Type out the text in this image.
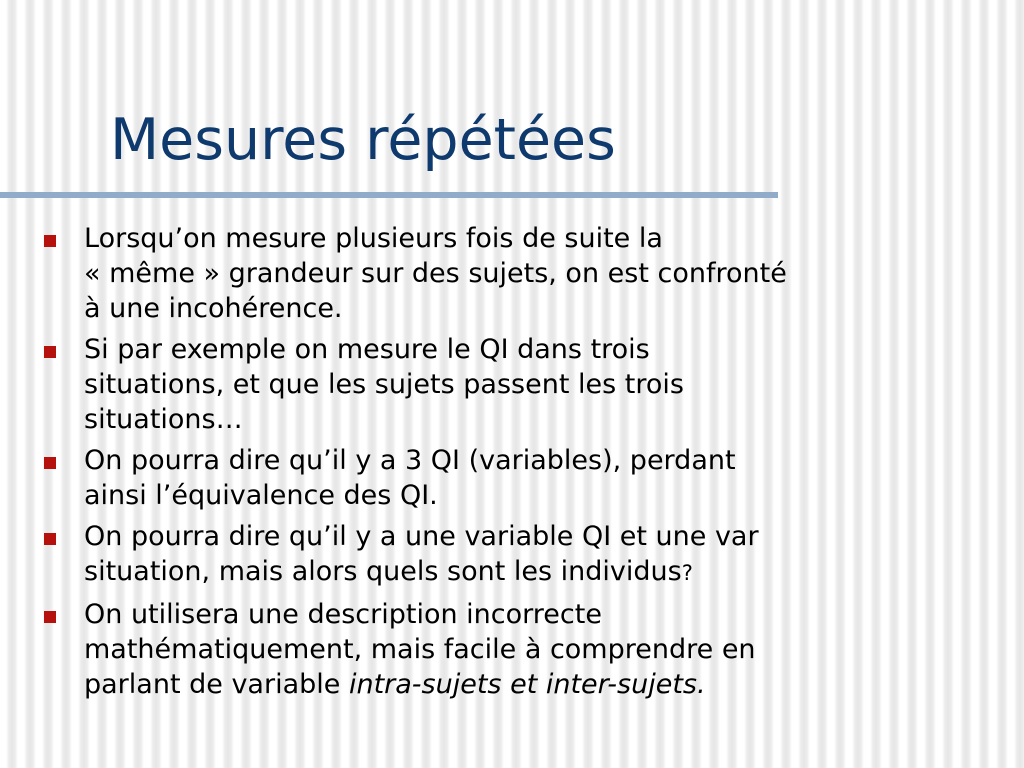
Mesures répétées
Lorsqu’on mesure plusieurs fois de suite la
« même » grandeur sur des sujets, on est confronté
à une incohérence.
Si par exemple on mesure le QI dans trois
situations, et que les sujets passent les trois
situations…
On pourra dire qu’il y a 3 QI (variables), perdant
ainsi l’équivalence des QI.
On pourra dire qu’il y a une variable QI et une var
situation, mais alors quels sont les individus?
On utilisera une description incorrecte
mathématiquement, mais facile à comprendre en
parlant de variable intra-sujets et inter-sujets.
